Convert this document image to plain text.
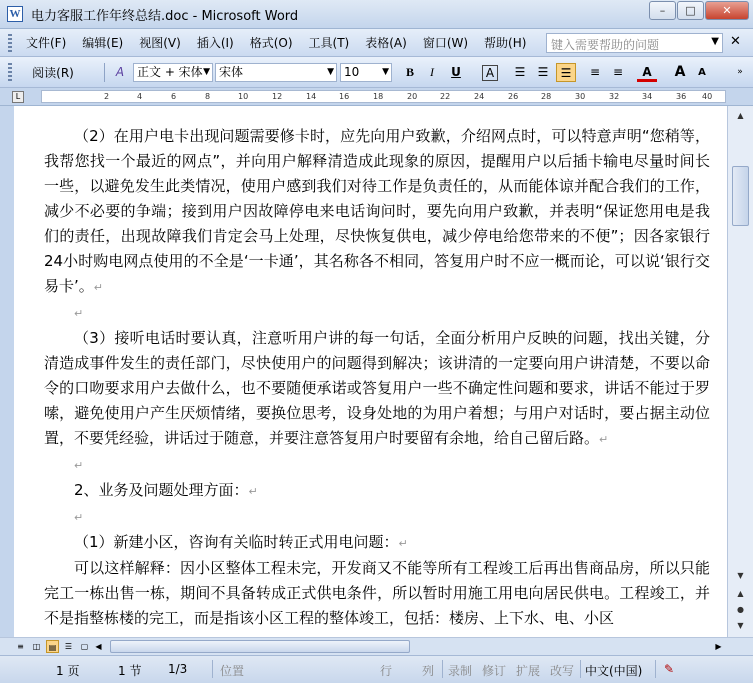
W 电力客服工作年终总结.doc - Microsoft Word	–	□	✕
文件(F)	编辑(E)	视图(V)	插入(I)	格式(O)	工具(T)	表格(A)	窗口(W)	帮助(H)	键入需要帮助的问题	▼ ✕
阅读(R)	A	正文 + 宋体 ▼ 宋体	▼ 10	▼	B	I	U	A	☰	☰	☰	≡	≡	A	A	A	»
L	2	4	6	8	10	12	14	16	18	20	22	24	26	28	30	32	34	36 40

（2）在用户电卡出现问题需要修卡时，应先向用户致歉，介绍网点时，可以特意声明“您稍等，我帮您找一个最近的网点”，并向用户解释清造成此现象的原因，提醒用户以后插卡输电尽量时间长一些，以避免发生此类情况，使用户感到我们对待工作是负责任的，从而能体谅并配合我们的工作，减少不必要的争端；接到用户因故障停电来电话询问时，要先向用户致歉，并表明“保证您用电是我们的责任，出现故障我们肯定会马上处理，尽快恢复供电，减少停电给您带来的不便”；因各家银行24小时购电网点使用的不全是‘一卡通’，其名称各不相同，答复用户时不应一概而论，可以说‘银行交易卡’。↵

↵

（3）接听电话时要认真，注意听用户讲的每一句话，全面分析用户反映的问题，找出关键，分清造成事件发生的责任部门，尽快使用户的问题得到解决；该讲清的一定要向用户讲清楚，不要以命令的口吻要求用户去做什么，也不要随便承诺或答复用户一些不确定性问题和要求，讲话不能过于罗嗦，避免使用户产生厌烦情绪，要换位思考，设身处地的为用户着想；与用户对话时，要占据主动位置，不要凭经验，讲话过于随意，并要注意答复用户时要留有余地，给自己留后路。↵

↵

2、业务及问题处理方面：↵

↵

（1）新建小区，咨询有关临时转正式用电问题：↵

可以这样解释：因小区整体工程未完，开发商又不能等所有工程竣工后再出售商品房，所以只能完工一栋出售一栋，期间不具备转成正式供电条件，所以暂时用施工用电向居民供电。工程竣工，并不是指整栋楼的完工，而是指该小区工程的整体竣工，包括：楼房、上下水、电、小区

▲
▼
▲
●
▼
≡	◫	▤	☰	▢ ◀	▶
1 页	1 节 1/3	位置	行 列 录制 修订 扩展 改写 中文(中国) ✎
